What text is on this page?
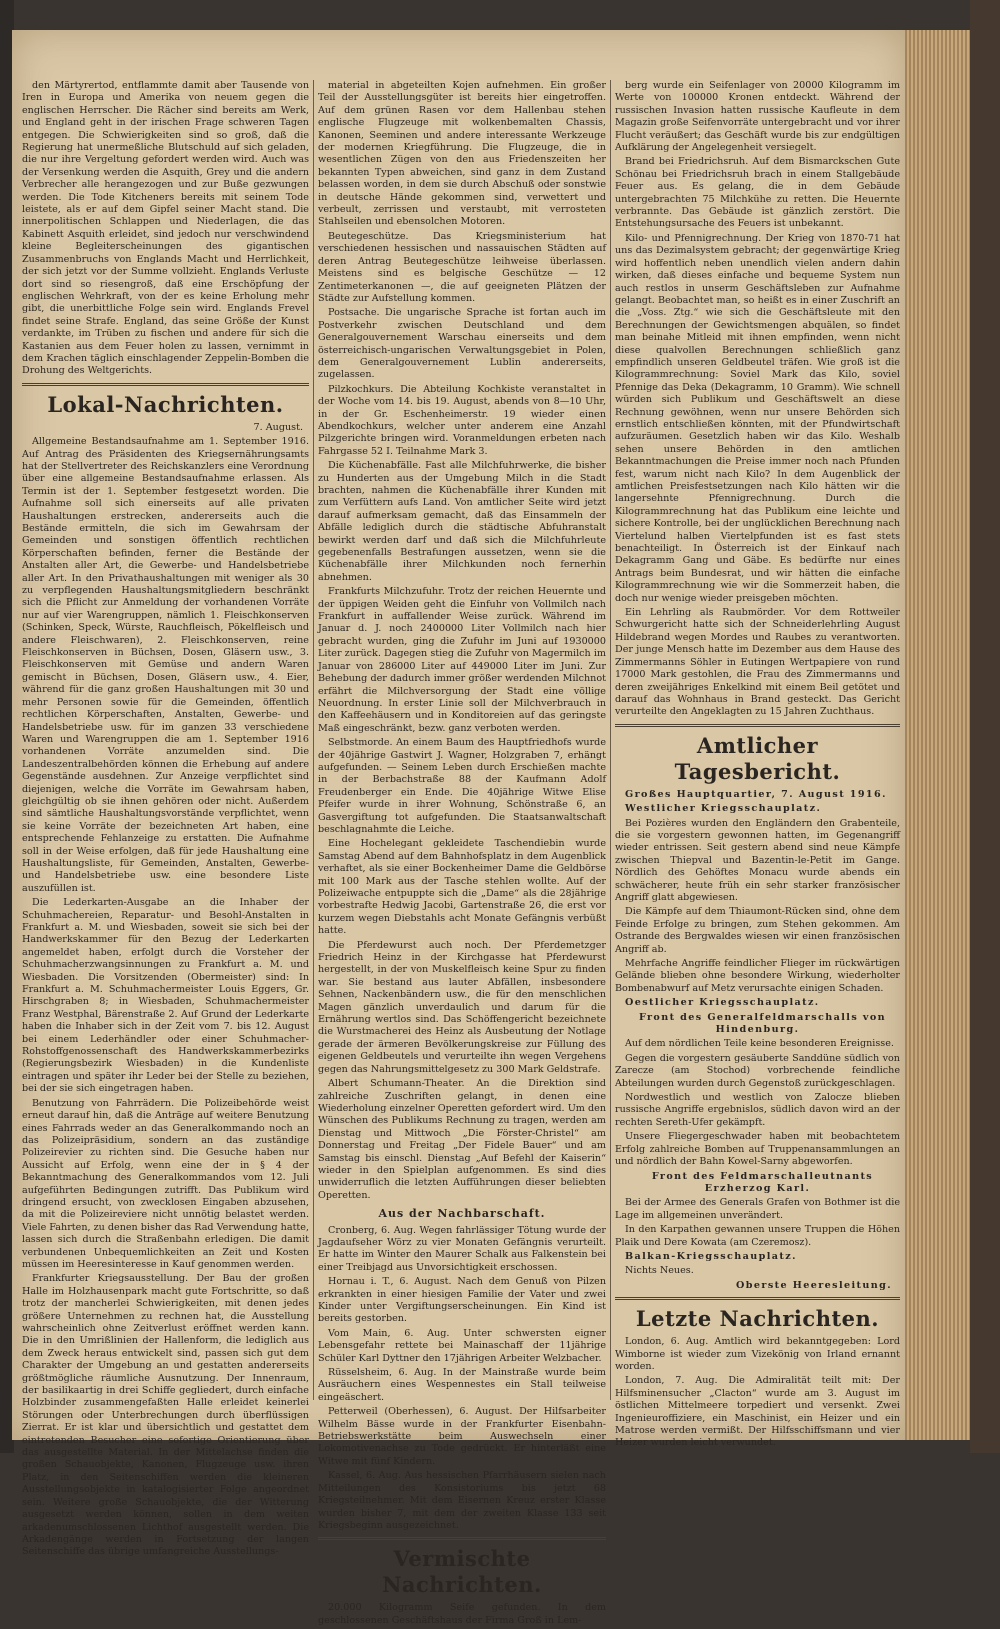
den Märtyrertod, entflammte damit aber Tausende von Iren in Europa und Amerika von neuem gegen die englischen Herrscher. Die Rächer sind bereits am Werk, und England geht in der irischen Frage schweren Tagen entgegen. Die Schwierigkeiten sind so groß, daß die Regierung hat unermeßliche Blutschuld auf sich geladen, die nur ihre Vergeltung gefordert werden wird. Auch was der Versenkung werden die Asquith, Grey und die andern Verbrecher alle herangezogen und zur Buße gezwungen werden. Die Tode Kitcheners bereits mit seinem Tode leistete, als er auf dem Gipfel seiner Macht stand. Die innerpolitischen Schlappen und Niederlagen, die das Kabinett Asquith erleidet, sind jedoch nur verschwindend kleine Begleiterscheinungen des gigantischen Zusammenbruchs von Englands Macht und Herrlichkeit, der sich jetzt vor der Summe vollzieht. Englands Verluste dort sind so riesengroß, daß eine Erschöpfung der englischen Wehrkraft, von der es keine Erholung mehr gibt, die unerbittliche Folge sein wird. Englands Frevel findet seine Strafe. England, das seine Größe der Kunst verdankte, im Trüben zu fischen und andere für sich die Kastanien aus dem Feuer holen zu lassen, vernimmt in dem Krachen täglich einschlagender Zeppelin-Bomben die Drohung des Weltgerichts.

Lokal-Nachrichten.
7. August.

Allgemeine Bestandsaufnahme am 1. September 1916. Auf Antrag des Präsidenten des Kriegsernährungsamts hat der Stellvertreter des Reichskanzlers eine Verordnung über eine allgemeine Bestandsaufnahme erlassen. Als Termin ist der 1. September festgesetzt worden. Die Aufnahme soll sich einerseits auf alle privaten Haushaltungen erstrecken, andererseits auch die Bestände ermitteln, die sich im Gewahrsam der Gemeinden und sonstigen öffentlich rechtlichen Körperschaften befinden, ferner die Bestände der Anstalten aller Art, die Gewerbe- und Handelsbetriebe aller Art. In den Privathaushaltungen mit weniger als 30 zu verpflegenden Haushaltungsmitgliedern beschränkt sich die Pflicht zur Anmeldung der vorhandenen Vorräte nur auf vier Warengruppen, nämlich 1. Fleischkonserven (Schinken, Speck, Würste, Rauchfleisch, Pökelfleisch und andere Fleischwaren), 2. Fleischkonserven, reine Fleischkonserven in Büchsen, Dosen, Gläsern usw., 3. Fleischkonserven mit Gemüse und andern Waren gemischt in Büchsen, Dosen, Gläsern usw., 4. Eier, während für die ganz großen Haushaltungen mit 30 und mehr Personen sowie für die Gemeinden, öffentlich rechtlichen Körperschaften, Anstalten, Gewerbe- und Handelsbetriebe usw. für im ganzen 33 verschiedene Waren und Warengruppen die am 1. September 1916 vorhandenen Vorräte anzumelden sind. Die Landeszentralbehörden können die Erhebung auf andere Gegenstände ausdehnen. Zur Anzeige verpflichtet sind diejenigen, welche die Vorräte im Gewahrsam haben, gleichgültig ob sie ihnen gehören oder nicht. Außerdem sind sämtliche Haushaltungsvorstände verpflichtet, wenn sie keine Vorräte der bezeichneten Art haben, eine entsprechende Fehlanzeige zu erstatten. Die Aufnahme soll in der Weise erfolgen, daß für jede Haushaltung eine Haushaltungsliste, für Gemeinden, Anstalten, Gewerbe- und Handelsbetriebe usw. eine besondere Liste auszufüllen ist.

Die Lederkarten-Ausgabe an die Inhaber der Schuhmachereien, Reparatur- und Besohl-Anstalten in Frankfurt a. M. und Wiesbaden, soweit sie sich bei der Handwerkskammer für den Bezug der Lederkarten angemeldet haben, erfolgt durch die Vorsteher der Schuhmacherzwangsinnungen zu Frankfurt a. M. und Wiesbaden. Die Vorsitzenden (Obermeister) sind: In Frankfurt a. M. Schuhmachermeister Louis Eggers, Gr. Hirschgraben 8; in Wiesbaden, Schuhmachermeister Franz Westphal, Bärenstraße 2. Auf Grund der Lederkarte haben die Inhaber sich in der Zeit vom 7. bis 12. August bei einem Lederhändler oder einer Schuhmacher-Rohstoffgenossenschaft des Handwerkskammerbezirks (Regierungsbezirk Wiesbaden) in die Kundenliste eintragen und später ihr Leder bei der Stelle zu beziehen, bei der sie sich eingetragen haben.

Benutzung von Fahrrädern. Die Polizeibehörde weist erneut darauf hin, daß die Anträge auf weitere Benutzung eines Fahrrads weder an das Generalkommando noch an das Polizeipräsidium, sondern an das zuständige Polizeirevier zu richten sind. Die Gesuche haben nur Aussicht auf Erfolg, wenn eine der in § 4 der Bekanntmachung des Generalkommandos vom 12. Juli aufgeführten Bedingungen zutrifft. Das Publikum wird dringend ersucht, von zwecklosen Eingaben abzusehen, da mit die Polizeireviere nicht unnötig belastet werden. Viele Fahrten, zu denen bisher das Rad Verwendung hatte, lassen sich durch die Straßenbahn erledigen. Die damit verbundenen Unbequemlichkeiten an Zeit und Kosten müssen im Heeresinteresse in Kauf genommen werden.

Frankfurter Kriegsausstellung. Der Bau der großen Halle im Holzhausenpark macht gute Fortschritte, so daß trotz der mancherlei Schwierigkeiten, mit denen jedes größere Unternehmen zu rechnen hat, die Ausstellung wahrscheinlich ohne Zeitverlust eröffnet werden kann. Die in den Umrißlinien der Hallenform, die lediglich aus dem Zweck heraus entwickelt sind, passen sich gut dem Charakter der Umgebung an und gestatten andererseits größtmögliche räumliche Ausnutzung. Der Innenraum, der basilikaartig in drei Schiffe gegliedert, durch einfache Holzbinder zusammengefaßten Halle erleidet keinerlei Störungen oder Unterbrechungen durch überflüssigen Zierrat. Er ist klar und übersichtlich und gestattet dem eintretenden Besucher eine sofortige Orientierung über das ausgestellte Material. In der Mittelachse finden die großen Schauobjekte, Kanonen, Flugzeuge usw. ihren Platz, in den Seitenschiffen werden die kleineren Ausstellungsobjekte in katalogisierter Folge angeordnet sein. Weitere große Schauobjekte, die der Witterung ausgesetzt werden können, sollen in dem weiten arkadenumschlossenen Lichthof ausgestellt werden. Die Arkadengänge werden in Fortsetzung der langen Seitenschiffe das übrige umfangreiche Ausstellungs-

material in abgeteilten Kojen aufnehmen. Ein großer Teil der Ausstellungsgüter ist bereits hier eingetroffen. Auf dem grünen Rasen vor dem Hallenbau stehen englische Flugzeuge mit wolkenbemalten Chassis, Kanonen, Seeminen und andere interessante Werkzeuge der modernen Kriegführung. Die Flugzeuge, die in wesentlichen Zügen von den aus Friedenszeiten her bekannten Typen abweichen, sind ganz in dem Zustand belassen worden, in dem sie durch Abschuß oder sonstwie in deutsche Hände gekommen sind, verwettert und verbeult, zerrissen und verstaubt, mit verrosteten Stahlseilen und ebensolchen Motoren.

Beutegeschütze. Das Kriegsministerium hat verschiedenen hessischen und nassauischen Städten auf deren Antrag Beutegeschütze leihweise überlassen. Meistens sind es belgische Geschütze — 12 Zentimeterkanonen —, die auf geeigneten Plätzen der Städte zur Aufstellung kommen.

Postsache. Die ungarische Sprache ist fortan auch im Postverkehr zwischen Deutschland und dem Generalgouvernement Warschau einerseits und dem österreichisch-ungarischen Verwaltungsgebiet in Polen, dem Generalgouvernement Lublin andererseits, zugelassen.

Pilzkochkurs. Die Abteilung Kochkiste veranstaltet in der Woche vom 14. bis 19. August, abends von 8—10 Uhr, in der Gr. Eschenheimerstr. 19 wieder einen Abendkochkurs, welcher unter anderem eine Anzahl Pilzgerichte bringen wird. Voranmeldungen erbeten nach Fahrgasse 52 I. Teilnahme Mark 3.

Die Küchenabfälle. Fast alle Milchfuhrwerke, die bisher zu Hunderten aus der Umgebung Milch in die Stadt brachten, nahmen die Küchenabfälle ihrer Kunden mit zum Verfüttern aufs Land. Von amtlicher Seite wird jetzt darauf aufmerksam gemacht, daß das Einsammeln der Abfälle lediglich durch die städtische Abfuhranstalt bewirkt werden darf und daß sich die Milchfuhrleute gegebenenfalls Bestrafungen aussetzen, wenn sie die Küchenabfälle ihrer Milchkunden noch fernerhin abnehmen.

Frankfurts Milchzufuhr. Trotz der reichen Heuernte und der üppigen Weiden geht die Einfuhr von Vollmilch nach Frankfurt in auffallender Weise zurück. Während im Januar d. J. noch 2400000 Liter Vollmilch nach hier gebracht wurden, ging die Zufuhr im Juni auf 1930000 Liter zurück. Dagegen stieg die Zufuhr von Magermilch im Januar von 286000 Liter auf 449000 Liter im Juni. Zur Behebung der dadurch immer größer werdenden Milchnot erfährt die Milchversorgung der Stadt eine völlige Neuordnung. In erster Linie soll der Milchverbrauch in den Kaffeehäusern und in Konditoreien auf das geringste Maß eingeschränkt, bezw. ganz verboten werden.

Selbstmorde. An einem Baum des Hauptfriedhofs wurde der 40jährige Gastwirt J. Wagner, Holzgraben 7, erhängt aufgefunden. — Seinem Leben durch Erschießen machte in der Berbachstraße 88 der Kaufmann Adolf Freudenberger ein Ende. Die 40jährige Witwe Elise Pfeifer wurde in ihrer Wohnung, Schönstraße 6, an Gasvergiftung tot aufgefunden. Die Staatsanwaltschaft beschlagnahmte die Leiche.

Eine Hochelegant gekleidete Taschendiebin wurde Samstag Abend auf dem Bahnhofsplatz in dem Augenblick verhaftet, als sie einer Bockenheimer Dame die Geldbörse mit 100 Mark aus der Tasche stehlen wollte. Auf der Polizeiwache entpuppte sich die „Dame“ als die 28jährige vorbestrafte Hedwig Jacobi, Gartenstraße 26, die erst vor kurzem wegen Diebstahls acht Monate Gefängnis verbüßt hatte.

Die Pferdewurst auch noch. Der Pferdemetzger Friedrich Heinz in der Kirchgasse hat Pferdewurst hergestellt, in der von Muskelfleisch keine Spur zu finden war. Sie bestand aus lauter Abfällen, insbesondere Sehnen, Nackenbändern usw., die für den menschlichen Magen gänzlich unverdaulich und darum für die Ernährung wertlos sind. Das Schöffengericht bezeichnete die Wurstmacherei des Heinz als Ausbeutung der Notlage gerade der ärmeren Bevölkerungskreise zur Füllung des eigenen Geldbeutels und verurteilte ihn wegen Vergehens gegen das Nahrungsmittelgesetz zu 300 Mark Geldstrafe.

Albert Schumann-Theater. An die Direktion sind zahlreiche Zuschriften gelangt, in denen eine Wiederholung einzelner Operetten gefordert wird. Um den Wünschen des Publikums Rechnung zu tragen, werden am Dienstag und Mittwoch „Die Förster-Christel“ am Donnerstag und Freitag „Der Fidele Bauer“ und am Samstag bis einschl. Dienstag „Auf Befehl der Kaiserin“ wieder in den Spielplan aufgenommen. Es sind dies unwiderruflich die letzten Aufführungen dieser beliebten Operetten.

Aus der Nachbarschaft.

Cronberg, 6. Aug. Wegen fahrlässiger Tötung wurde der Jagdaufseher Wörz zu vier Monaten Gefängnis verurteilt. Er hatte im Winter den Maurer Schalk aus Falkenstein bei einer Treibjagd aus Unvorsichtigkeit erschossen.

Hornau i. T., 6. August. Nach dem Genuß von Pilzen erkrankten in einer hiesigen Familie der Vater und zwei Kinder unter Vergiftungserscheinungen. Ein Kind ist bereits gestorben.

Vom Main, 6. Aug. Unter schwersten eigner Lebensgefahr rettete bei Mainaschaff der 11jährige Schüler Karl Dyttner den 17jährigen Arbeiter Welzbacher.

Rüsselsheim, 6. Aug. In der Mainstraße wurde beim Ausräuchern eines Wespennestes ein Stall teilweise eingeäschert.

Petterweil (Oberhessen), 6. August. Der Hilfsarbeiter Wilhelm Bässe wurde in der Frankfurter Eisenbahn-Betriebswerkstätte beim Auswechseln einer Lokomotivenachse zu Tode gedrückt. Er hinterläßt eine Witwe mit fünf Kindern.

Kassel, 6. Aug. Aus hessischen Pfarrhäusern sielen nach Mitteilungen des Konsistoriums bis jetzt 68 Kriegsteilnehmer. Mit dem Eisernen Kreuz erster Klasse wurden bisher 7, mit dem der zweiten Klasse 133 seit Kriegsbeginn ausgezeichnet.

Vermischte Nachrichten.

20.000 Kilogramm Seife gefunden. In dem geschlossenen Geschäftshaus der Firma Groß in Lem-

berg wurde ein Seifenlager von 20000 Kilogramm im Werte von 100000 Kronen entdeckt. Während der russischen Invasion hatten russische Kaufleute in dem Magazin große Seifenvorräte untergebracht und vor ihrer Flucht veräußert; das Geschäft wurde bis zur endgültigen Aufklärung der Angelegenheit versiegelt.

Brand bei Friedrichsruh. Auf dem Bismarckschen Gute Schönau bei Friedrichsruh brach in einem Stallgebäude Feuer aus. Es gelang, die in dem Gebäude untergebrachten 75 Milchkühe zu retten. Die Heuernte verbrannte. Das Gebäude ist gänzlich zerstört. Die Entstehungsursache des Feuers ist unbekannt.

Kilo- und Pfennigrechnung. Der Krieg von 1870-71 hat uns das Dezimalsystem gebracht; der gegenwärtige Krieg wird hoffentlich neben unendlich vielen andern dahin wirken, daß dieses einfache und bequeme System nun auch restlos in unserm Geschäftsleben zur Aufnahme gelangt. Beobachtet man, so heißt es in einer Zuschrift an die „Voss. Ztg.“ wie sich die Geschäftsleute mit den Berechnungen der Gewichtsmengen abquälen, so findet man beinahe Mitleid mit ihnen empfinden, wenn nicht diese qualvollen Berechnungen schließlich ganz empfindlich unseren Geldbeutel träfen. Wie groß ist die Kilogrammrechnung: Soviel Mark das Kilo, soviel Pfennige das Deka (Dekagramm, 10 Gramm). Wie schnell würden sich Publikum und Geschäftswelt an diese Rechnung gewöhnen, wenn nur unsere Behörden sich ernstlich entschließen könnten, mit der Pfundwirtschaft aufzuräumen. Gesetzlich haben wir das Kilo. Weshalb sehen unsere Behörden in den amtlichen Bekanntmachungen die Preise immer noch nach Pfunden fest, warum nicht nach Kilo? In dem Augenblick der amtlichen Preisfestsetzungen nach Kilo hätten wir die langersehnte Pfennigrechnung. Durch die Kilogrammrechnung hat das Publikum eine leichte und sichere Kontrolle, bei der unglücklichen Berechnung nach Viertelund halben Viertelpfunden ist es fast stets benachteiligt. In Österreich ist der Einkauf nach Dekagramm Gang und Gäbe. Es bedürfte nur eines Antrags beim Bundesrat, und wir hätten die einfache Kilogrammrechnung wie wir die Sommerzeit haben, die doch nur wenige wieder preisgeben möchten.

Ein Lehrling als Raubmörder. Vor dem Rottweiler Schwurgericht hatte sich der Schneiderlehrling August Hildebrand wegen Mordes und Raubes zu verantworten. Der junge Mensch hatte im Dezember aus dem Hause des Zimmermanns Söhler in Eutingen Wertpapiere von rund 17000 Mark gestohlen, die Frau des Zimmermanns und deren zweijähriges Enkelkind mit einem Beil getötet und darauf das Wohnhaus in Brand gesteckt. Das Gericht verurteilte den Angeklagten zu 15 Jahren Zuchthaus.

Amtlicher Tagesbericht.

Großes Hauptquartier, 7. August 1916.

Westlicher Kriegsschauplatz.

Bei Pozières wurden den Engländern den Grabenteile, die sie vorgestern gewonnen hatten, im Gegenangriff wieder entrissen. Seit gestern abend sind neue Kämpfe zwischen Thiepval und Bazentin-le-Petit im Gange. Nördlich des Gehöftes Monacu wurde abends ein schwächerer, heute früh ein sehr starker französischer Angriff glatt abgewiesen.

Die Kämpfe auf dem Thiaumont-Rücken sind, ohne dem Feinde Erfolge zu bringen, zum Stehen gekommen. Am Ostrande des Bergwaldes wiesen wir einen französischen Angriff ab.

Mehrfache Angriffe feindlicher Flieger im rückwärtigen Gelände blieben ohne besondere Wirkung, wiederholter Bombenabwurf auf Metz verursachte einigen Schaden.

Oestlicher Kriegsschauplatz.

Front des Generalfeldmarschalls von Hindenburg.

Auf dem nördlichen Teile keine besonderen Ereignisse.

Gegen die vorgestern gesäuberte Sanddüne südlich von Zarecze (am Stochod) vorbrechende feindliche Abteilungen wurden durch Gegenstoß zurückgeschlagen.

Nordwestlich und westlich von Zalocze blieben russische Angriffe ergebnislos, südlich davon wird an der rechten Sereth-Ufer gekämpft.

Unsere Fliegergeschwader haben mit beobachtetem Erfolg zahlreiche Bomben auf Truppenansammlungen an und nördlich der Bahn Kowel-Sarny abgeworfen.

Front des Feldmarschalleutnants Erzherzog Karl.

Bei der Armee des Generals Grafen von Bothmer ist die Lage im allgemeinen unverändert.

In den Karpathen gewannen unsere Truppen die Höhen Plaik und Dere Kowata (am Czeremosz).

Balkan-Kriegsschauplatz.

Nichts Neues.

Oberste Heeresleitung.
Letzte Nachrichten.

London, 6. Aug. Amtlich wird bekanntgegeben: Lord Wimborne ist wieder zum Vizekönig von Irland ernannt worden.

London, 7. Aug. Die Admiralität teilt mit: Der Hilfsminensucher „Clacton“ wurde am 3. August im östlichen Mittelmeere torpediert und versenkt. Zwei Ingenieuroffiziere, ein Maschinist, ein Heizer und ein Matrose werden vermißt. Der Hilfsschiffsmann und vier Heizer wurden leicht verwundet.
